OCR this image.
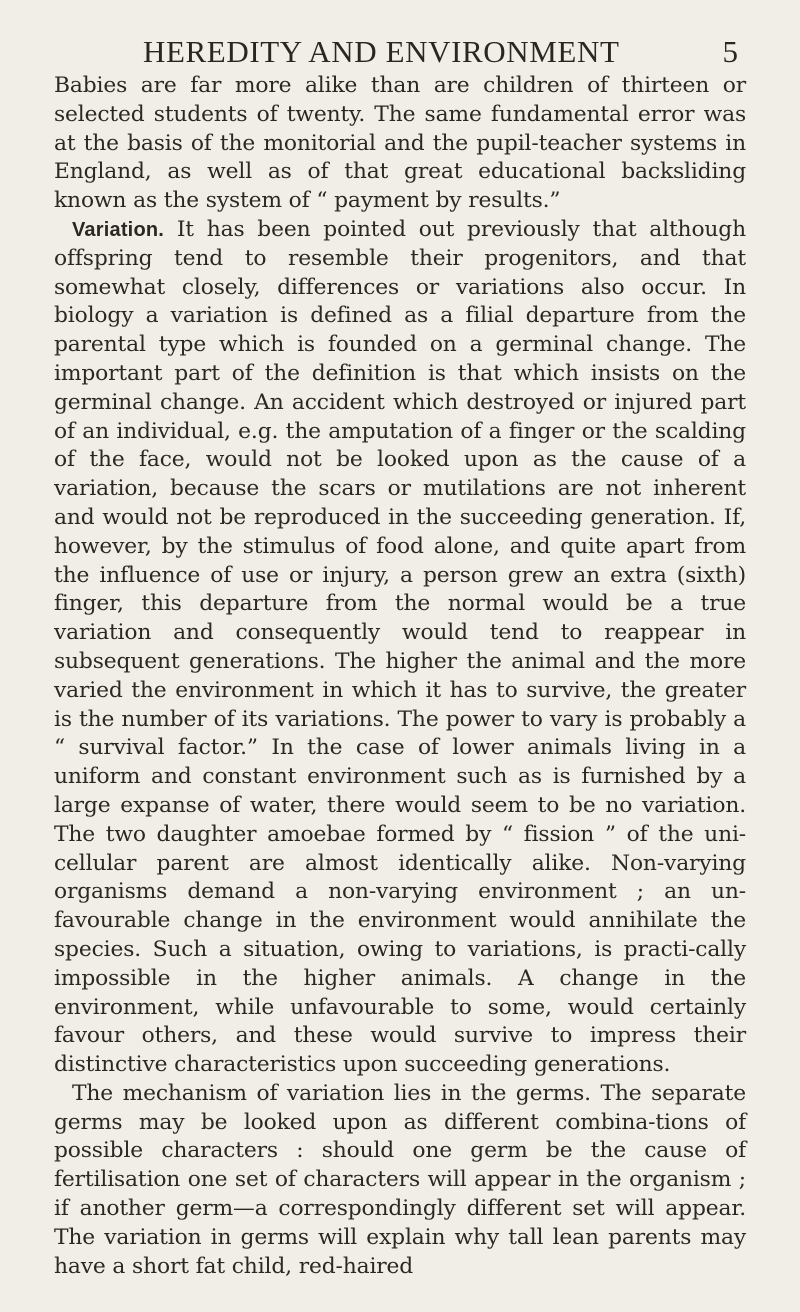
HEREDITY AND ENVIRONMENT	5

Babies are far more alike than are children of thirteen or selected students of twenty. The same fundamental error was at the basis of the monitorial and the pupil-teacher systems in England, as well as of that great educational backsliding known as the system of “ payment by results.”

Variation. It has been pointed out previously that although offspring tend to resemble their progenitors, and that somewhat closely, differences or variations also occur. In biology a variation is defined as a filial departure from the parental type which is founded on a germinal change. The important part of the definition is that which insists on the germinal change. An accident which destroyed or injured part of an individual, e.g. the amputation of a finger or the scalding of the face, would not be looked upon as the cause of a variation, because the scars or mutilations are not inherent and would not be reproduced in the succeeding generation. If, however, by the stimulus of food alone, and quite apart from the influence of use or injury, a person grew an extra (sixth) finger, this departure from the normal would be a true variation and consequently would tend to reappear in subsequent generations. The higher the animal and the more varied the environment in which it has to survive, the greater is the number of its variations. The power to vary is probably a “ survival factor.” In the case of lower animals living in a uniform and constant environment such as is furnished by a large expanse of water, there would seem to be no variation. The two daughter amoebae formed by “ fission ” of the uni-cellular parent are almost identically alike. Non-varying organisms demand a non-varying environment ; an un-favourable change in the environment would annihilate the species. Such a situation, owing to variations, is practi-cally impossible in the higher animals. A change in the environment, while unfavourable to some, would certainly favour others, and these would survive to impress their distinctive characteristics upon succeeding generations.

The mechanism of variation lies in the germs. The separate germs may be looked upon as different combina-tions of possible characters : should one germ be the cause of fertilisation one set of characters will appear in the organism ; if another germ—a correspondingly different set will appear. The variation in germs will explain why tall lean parents may have a short fat child, red-haired
